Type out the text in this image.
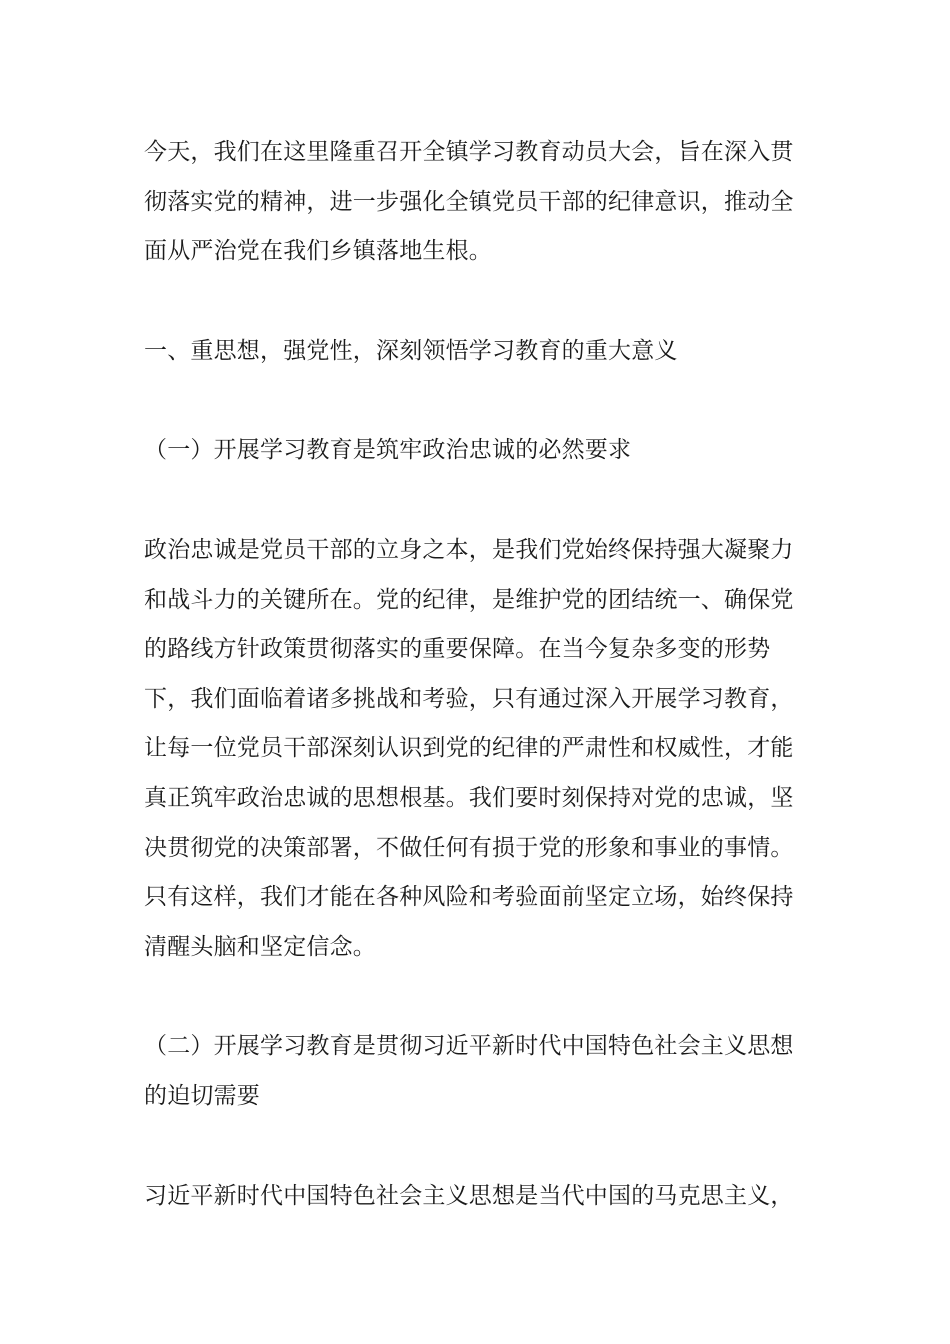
今天，我们在这里隆重召开全镇学习教育动员大会，旨在深入贯彻落实党的精神，进一步强化全镇党员干部的纪律意识，推动全面从严治党在我们乡镇落地生根。

一、重思想，强党性，深刻领悟学习教育的重大意义

（一）开展学习教育是筑牢政治忠诚的必然要求

政治忠诚是党员干部的立身之本，是我们党始终保持强大凝聚力和战斗力的关键所在。党的纪律，是维护党的团结统一、确保党的路线方针政策贯彻落实的重要保障。在当今复杂多变的形势下，我们面临着诸多挑战和考验，只有通过深入开展学习教育，让每一位党员干部深刻认识到党的纪律的严肃性和权威性，才能真正筑牢政治忠诚的思想根基。我们要时刻保持对党的忠诚，坚决贯彻党的决策部署，不做任何有损于党的形象和事业的事情。只有这样，我们才能在各种风险和考验面前坚定立场，始终保持清醒头脑和坚定信念。

（二）开展学习教育是贯彻习近平新时代中国特色社会主义思想的迫切需要

习近平新时代中国特色社会主义思想是当代中国的马克思主义，
